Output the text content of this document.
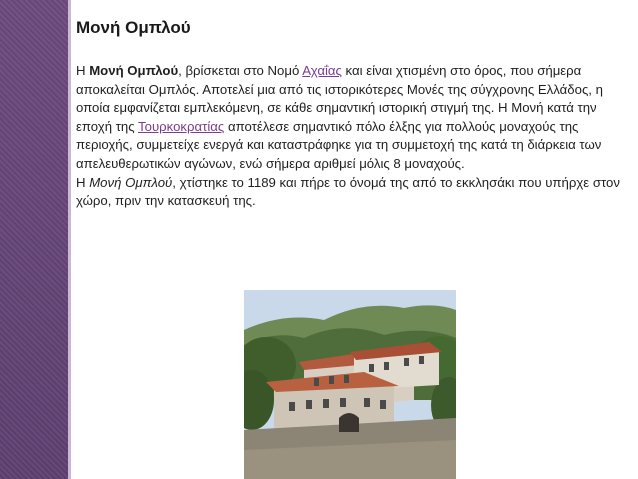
Μονή Ομπλού

Η Μονή Ομπλού, βρίσκεται στο Νομό Αχαΐας και είναι χτισμένη στο όρος, που σήμερα αποκαλείται Ομπλός. Αποτελεί μια από τις ιστορικότερες Μονές της σύγχρονης Ελλάδος, η οποία εμφανίζεται εμπλεκόμενη, σε κάθε σημαντική ιστορική στιγμή της. Η Μονή κατά την εποχή της Τουρκοκρατίας αποτέλεσε σημαντικό πόλο έλξης για πολλούς μοναχούς της περιοχής, συμμετείχε ενεργά και καταστράφηκε για τη συμμετοχή της κατά τη διάρκεια των απελευθερωτικών αγώνων, ενώ σήμερα αριθμεί μόλις 8 μοναχούς.

Η Μονή Ομπλού, χτίστηκε το 1189 και πήρε το όνομά της από το εκκλησάκι που υπήρχε στον χώρο, πριν την κατασκευή της.
